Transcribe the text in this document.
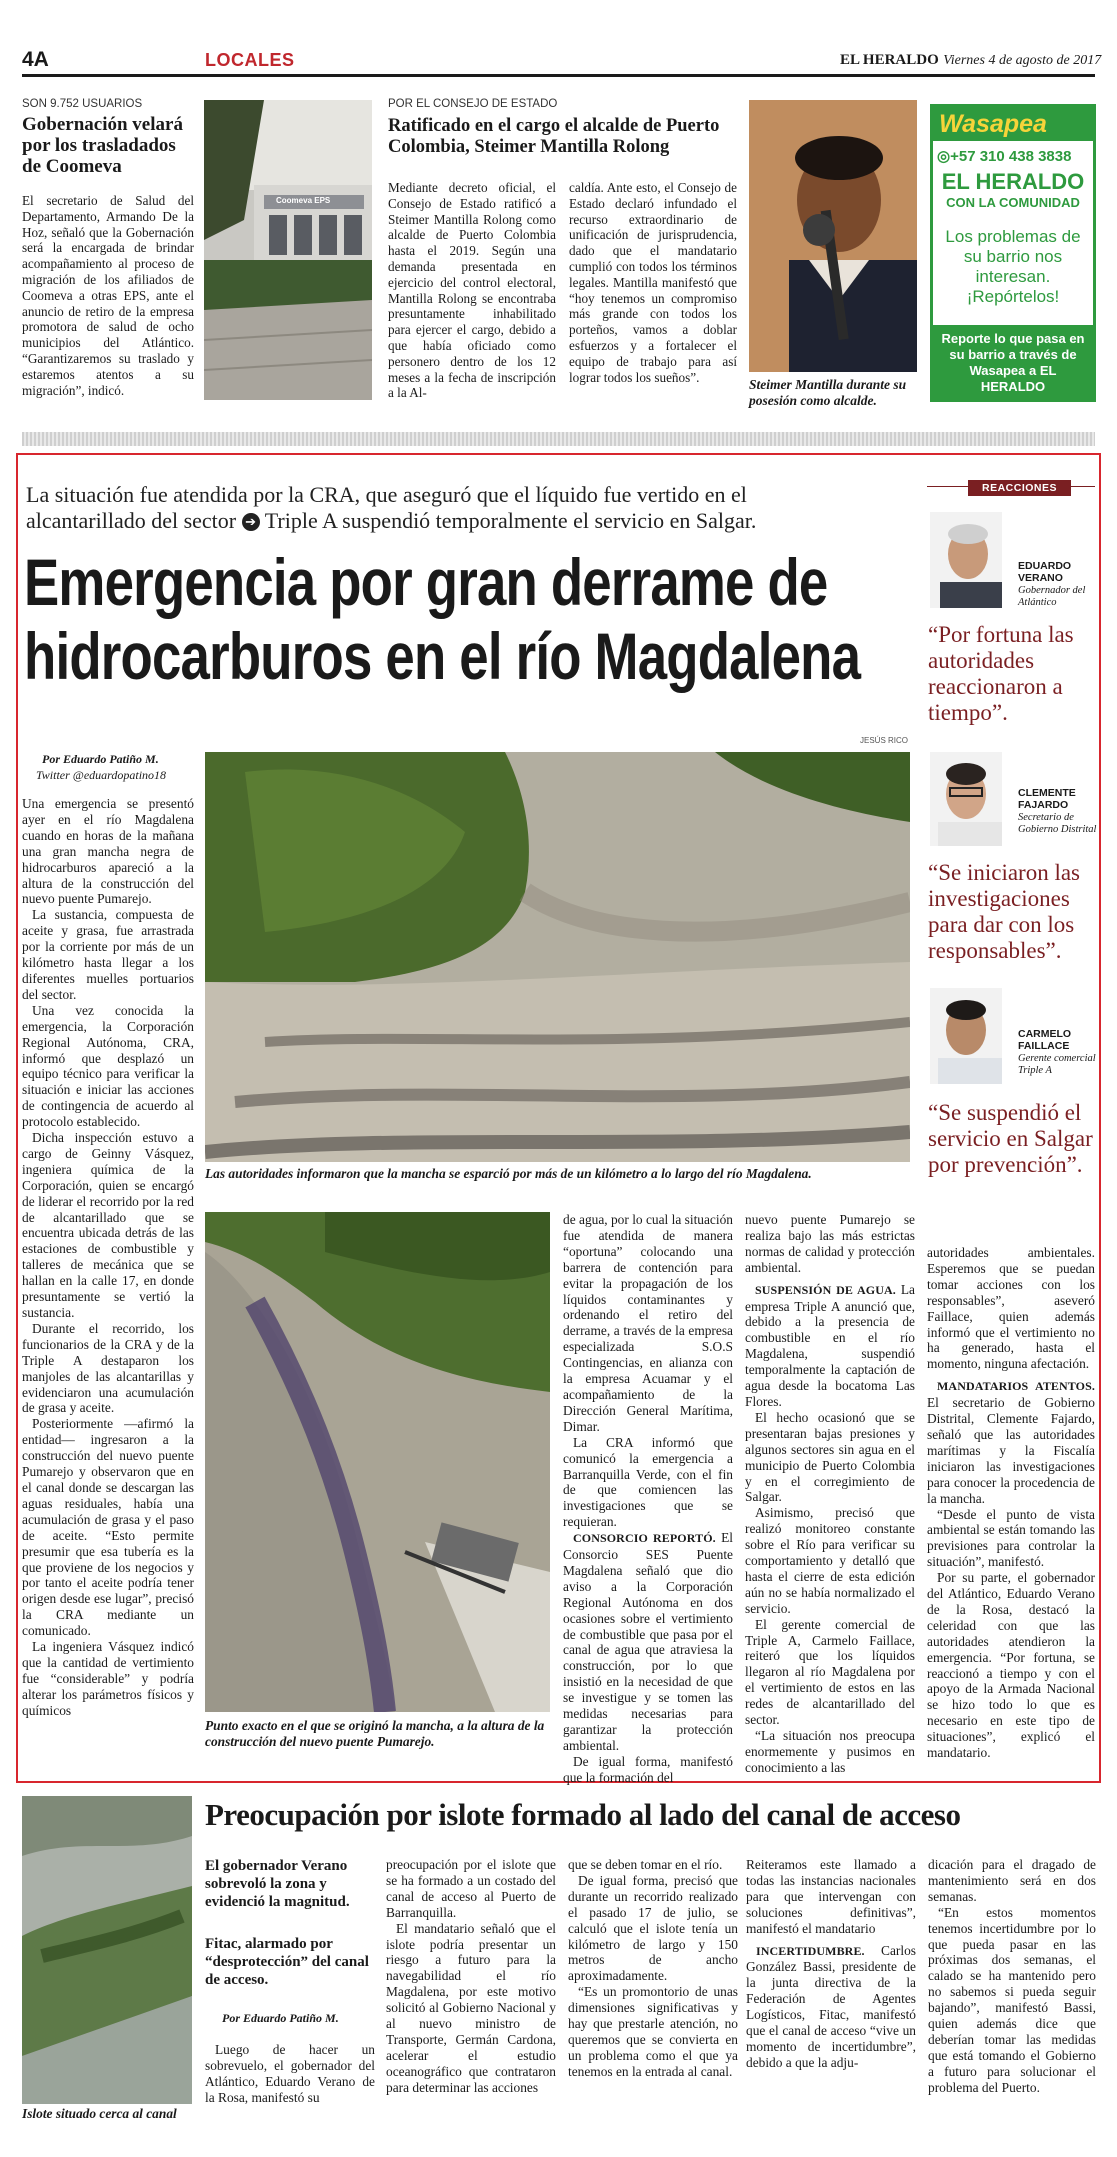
4A	LOCALES	EL HERALDO Viernes 4 de agosto de 2017
SON 9.752 USUARIOS
Gobernación velará por los trasladados de Coomeva

El secretario de Salud del Departamento, Armando De la Hoz, señaló que la Gobernación será la encargada de brindar acompañamiento al proceso de migración de los afiliados de Coomeva a otras EPS, ante el anuncio de retiro de la empresa promotora de salud de ocho municipios del Atlántico. “Garantizaremos su traslado y estaremos atentos a su migración”, indicó.

Coomeva EPS
POR EL CONSEJO DE ESTADO
Ratificado en el cargo el alcalde de Puerto Colombia, Steimer Mantilla Rolong

Mediante decreto oficial, el Consejo de Estado ratificó a Steimer Mantilla Rolong como alcalde de Puerto Colombia hasta el 2019. Según una demanda presentada en ejercicio del control electoral, Mantilla Rolong se encontraba presuntamente inhabilitado para ejercer el cargo, debido a que había oficiado como personero dentro de los 12 meses a la fecha de inscripción a la Al-

caldía. Ante esto, el Consejo de Estado declaró infundado el recurso extraordinario de unificación de jurisprudencia, dado que el mandatario cumplió con todos los términos legales. Mantilla manifestó que “hoy tenemos un compromiso más grande con todos los porteños, vamos a doblar esfuerzos y a fortalecer el equipo de trabajo para así lograr todos los sueños”.	Steimer Mantilla durante su posesión como alcalde.
Wasapea
◎+57 310 438 3838
EL HERALDO
CON LA COMUNIDAD
Los problemas de su barrio nos interesan. ¡Repórtelos!
Reporte lo que pasa en su barrio a través de Wasapea a EL HERALDO
La situación fue atendida por la CRA, que aseguró que el líquido fue vertido en el
alcantarillado del sector ➔ Triple A suspendió temporalmente el servicio en Salgar.
Emergencia por gran derrame de
hidrocarburos en el río Magdalena
JESÚS RICO
Por Eduardo Patiño M.
Twitter @eduardopatino18
Las autoridades informaron que la mancha se esparció por más de un kilómetro a lo largo del río Magdalena.

Una emergencia se presentó ayer en el río Magdalena cuando en horas de la mañana una gran mancha negra de hidrocarburos apareció a la altura de la construcción del nuevo puente Pumarejo.

La sustancia, compuesta de aceite y grasa, fue arrastrada por la corriente por más de un kilómetro hasta llegar a los diferentes muelles portuarios del sector.

Una vez conocida la emergencia, la Corporación Regional Autónoma, CRA, informó que desplazó un equipo técnico para verificar la situación e iniciar las acciones de contingencia de acuerdo al protocolo establecido.

Dicha inspección estuvo a cargo de Geinny Vásquez, ingeniera química de la Corporación, quien se encargó de liderar el recorrido por la red de alcantarillado que se encuentra ubicada detrás de las estaciones de combustible y talleres de mecánica que se hallan en la calle 17, en donde presuntamente se vertió la sustancia.

Durante el recorrido, los funcionarios de la CRA y de la Triple A destaparon los manjoles de las alcantarillas y evidenciaron una acumulación de grasa y aceite.

Posteriormente —afirmó la entidad— ingresaron a la construcción del nuevo puente Pumarejo y observaron que en el canal donde se descargan las aguas residuales, había una acumulación de grasa y el paso de aceite. “Esto permite presumir que esa tubería es la que proviene de los negocios y por tanto el aceite podría tener origen desde ese lugar”, precisó la CRA mediante un comunicado.

La ingeniera Vásquez indicó que la cantidad de vertimiento fue “considerable” y podría alterar los parámetros físicos y químicos

Punto exacto en el que se originó la mancha, a la altura de la construcción del nuevo puente Pumarejo.

de agua, por lo cual la situación fue atendida de manera “oportuna” colocando una barrera de contención para evitar la propagación de los líquidos contaminantes y ordenando el retiro del derrame, a través de la empresa especializada S.O.S Contingencias, en alianza con la empresa Acuamar y el acompañamiento de la Dirección General Marítima, Dimar.

La CRA informó que comunicó la emergencia a Barranquilla Verde, con el fin de que comiencen las investigaciones que se requieran.

CONSORCIO REPORTÓ. El Consorcio SES Puente Magdalena señaló que dio aviso a la Corporación Regional Autónoma en dos ocasiones sobre el vertimiento de combustible que pasa por el canal de agua que atraviesa la construcción, por lo que insistió en la necesidad de que se investigue y se tomen las medidas necesarias para garantizar la protección ambiental.

De igual forma, manifestó que la formación del

nuevo puente Pumarejo se realiza bajo las más estrictas normas de calidad y protección ambiental.

SUSPENSIÓN DE AGUA. La empresa Triple A anunció que, debido a la presencia de combustible en el río Magdalena, suspendió temporalmente la captación de agua desde la bocatoma Las Flores.

El hecho ocasionó que se presentaran bajas presiones y algunos sectores sin agua en el municipio de Puerto Colombia y en el corregimiento de Salgar.

Asimismo, precisó que realizó monitoreo constante sobre el Río para verificar su comportamiento y detalló que hasta el cierre de esta edición aún no se había normalizado el servicio.

El gerente comercial de Triple A, Carmelo Faillace, reiteró que los líquidos llegaron al río Magdalena por el vertimiento de estos en las redes de alcantarillado del sector.

“La situación nos preocupa enormemente y pusimos en conocimiento a las

autoridades ambientales. Esperemos que se puedan tomar acciones con los responsables”, aseveró Faillace, quien además informó que el vertimiento no ha generado, hasta el momento, ninguna afectación.

MANDATARIOS ATENTOS. El secretario de Gobierno Distrital, Clemente Fajardo, señaló que las autoridades marítimas y la Fiscalía iniciaron las investigaciones para conocer la procedencia de la mancha.

“Desde el punto de vista ambiental se están tomando las previsiones para controlar la situación”, manifestó.

Por su parte, el gobernador del Atlántico, Eduardo Verano de la Rosa, destacó la celeridad con que las autoridades atendieron la emergencia. “Por fortuna, se reaccionó a tiempo y con el apoyo de la Armada Nacional se hizo todo lo que es necesario en este tipo de situaciones”, explicó el mandatario.

REACCIONES
EDUARDO
VERANO
Gobernador del Atlántico
“Por fortuna las autoridades reaccionaron a tiempo”.
CLEMENTE
FAJARDO
Secretario de Gobierno Distrital
“Se iniciaron las investigaciones para dar con los responsables”.
CARMELO
FAILLACE
Gerente comercial Triple A
“Se suspendió el servicio en Salgar por prevención”.
Islote situado cerca al canal
Preocupación por islote formado al lado del canal de acceso
El gobernador Verano sobrevoló la zona y evidenció la magnitud.
Fitac, alarmado por “desprotección” del canal de acceso.
Por Eduardo Patiño M.

Luego de hacer un sobrevuelo, el gobernador del Atlántico, Eduardo Verano de la Rosa, manifestó su

preocupación por el islote que se ha formado a un costado del canal de acceso al Puerto de Barranquilla.

El mandatario señaló que el islote podría presentar un riesgo a futuro para la navegabilidad el río Magdalena, por este motivo solicitó al Gobierno Nacional y al nuevo ministro de Transporte, Germán Cardona, acelerar el estudio oceanográfico que contrataron para determinar las acciones

que se deben tomar en el río.

De igual forma, precisó que durante un recorrido realizado el pasado 17 de julio, se calculó que el islote tenía un kilómetro de largo y 150 metros de ancho aproximadamente.

“Es un promontorio de unas dimensiones significativas y hay que prestarle atención, no queremos que se convierta en un problema como el que ya tenemos en la entrada al canal.

Reiteramos este llamado a todas las instancias nacionales para que intervengan con soluciones definitivas”, manifestó el mandatario

INCERTIDUMBRE. Carlos González Bassi, presidente de la junta directiva de la Federación de Agentes Logísticos, Fitac, manifestó que el canal de acceso “vive un momento de incertidumbre”, debido a que la adju-

dicación para el dragado de mantenimiento será en dos semanas.

“En estos momentos tenemos incertidumbre por lo que pueda pasar en las próximas dos semanas, el calado se ha mantenido pero no sabemos si pueda seguir bajando”, manifestó Bassi, quien además dice que deberían tomar las medidas que está tomando el Gobierno a futuro para solucionar el problema del Puerto.
